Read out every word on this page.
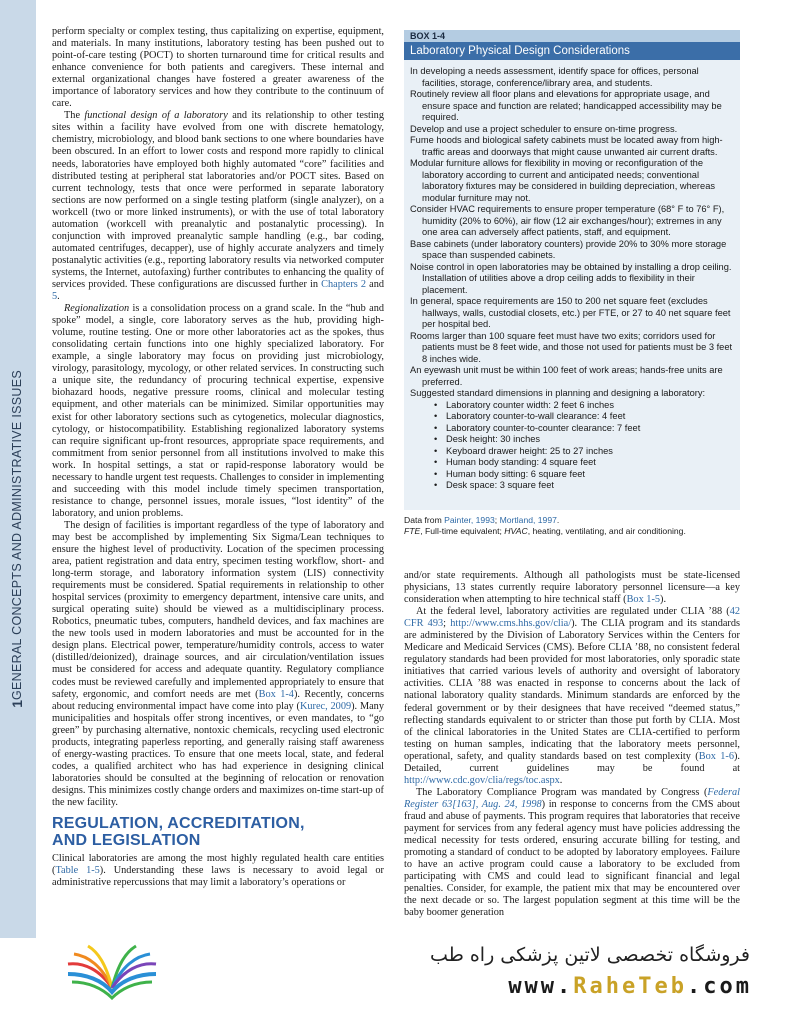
1
GENERAL CONCEPTS AND ADMINISTRATIVE ISSUES

perform specialty or complex testing, thus capitalizing on expertise, equipment, and materials. In many institutions, laboratory testing has been pushed out to point-of-care testing (POCT) to shorten turnaround time for critical results and enhance convenience for both patients and caregivers. These internal and external organizational changes have fostered a greater awareness of the importance of laboratory services and how they contribute to the continuum of care.

The functional design of a laboratory and its relationship to other testing sites within a facility have evolved from one with discrete hematology, chemistry, microbiology, and blood bank sections to one where boundaries have been obscured. In an effort to lower costs and respond more rapidly to clinical needs, laboratories have employed both highly automated “core” facilities and distributed testing at peripheral stat laboratories and/or POCT sites. Based on current technology, tests that once were performed in separate laboratory sections are now performed on a single testing platform (single analyzer), on a workcell (two or more linked instruments), or with the use of total laboratory automation (workcell with preanalytic and postanalytic processing). In conjunction with improved preanalytic sample handling (e.g., bar coding, automated centrifuges, decapper), use of highly accurate analyzers and timely postanalytic activities (e.g., reporting laboratory results via networked computer systems, the Internet, autofaxing) further contributes to enhancing the quality of services provided. These configurations are discussed further in Chapters 2 and 5.

Regionalization is a consolidation process on a grand scale. In the “hub and spoke” model, a single, core laboratory serves as the hub, providing high-volume, routine testing. One or more other laboratories act as the spokes, thus consolidating certain functions into one highly specialized laboratory. For example, a single laboratory may focus on providing just microbiology, virology, parasitology, mycology, or other related services. In constructing such a unique site, the redundancy of procuring technical expertise, expensive biohazard hoods, negative pressure rooms, clinical and molecular testing equipment, and other materials can be minimized. Similar opportunities may exist for other laboratory sections such as cytogenetics, molecular diagnostics, cytology, or histocompatibility. Establishing regionalized laboratory systems can require significant up-front resources, appropriate space requirements, and commitment from senior personnel from all institutions involved to make this work. In hospital settings, a stat or rapid-response laboratory would be necessary to handle urgent test requests. Challenges to consider in implementing and succeeding with this model include timely specimen transportation, resistance to change, personnel issues, morale issues, “lost identity” of the laboratory, and union problems.

The design of facilities is important regardless of the type of laboratory and may best be accomplished by implementing Six Sigma/Lean techniques to ensure the highest level of productivity. Location of the specimen processing area, patient registration and data entry, specimen testing workflow, short- and long-term storage, and laboratory information system (LIS) connectivity requirements must be considered. Spatial requirements in relationship to other hospital services (proximity to emergency department, intensive care units, and surgical operating suite) should be viewed as a multidisciplinary process. Robotics, pneumatic tubes, computers, handheld devices, and fax machines are the new tools used in modern laboratories and must be accounted for in the design plans. Electrical power, temperature/humidity controls, access to water (distilled/deionized), drainage sources, and air circulation/ventilation issues must be considered for access and adequate quantity. Regulatory compliance codes must be reviewed carefully and implemented appropriately to ensure that safety, ergonomic, and comfort needs are met (Box 1-4). Recently, concerns about reducing environmental impact have come into play (Kurec, 2009). Many municipalities and hospitals offer strong incentives, or even mandates, to “go green” by purchasing alternative, nontoxic chemicals, recycling used electronic products, integrating paperless reporting, and generally raising staff awareness of energy-wasting practices. To ensure that one meets local, state, and federal codes, a qualified architect who has had experience in designing clinical laboratories should be consulted at the beginning of relocation or renovation designs. This minimizes costly change orders and maximizes on-time start-up of the new facility.

REGULATION, ACCREDITATION,
AND LEGISLATION

Clinical laboratories are among the most highly regulated health care entities (Table 1-5). Understanding these laws is necessary to avoid legal or administrative repercussions that may limit a laboratory’s operations or

BOX 1-4
Laboratory Physical Design Considerations
In developing a needs assessment, identify space for offices, personal facilities, storage, conference/library area, and students.
Routinely review all floor plans and elevations for appropriate usage, and ensure space and function are related; handicapped accessibility may be required.
Develop and use a project scheduler to ensure on-time progress.
Fume hoods and biological safety cabinets must be located away from high-traffic areas and doorways that might cause unwanted air current drafts.
Modular furniture allows for flexibility in moving or reconfiguration of the laboratory according to current and anticipated needs; conventional laboratory fixtures may be considered in building depreciation, whereas modular furniture may not.
Consider HVAC requirements to ensure proper temperature (68° F to 76° F), humidity (20% to 60%), air flow (12 air exchanges/hour); extremes in any one area can adversely affect patients, staff, and equipment.
Base cabinets (under laboratory counters) provide 20% to 30% more storage space than suspended cabinets.
Noise control in open laboratories may be obtained by installing a drop ceiling. Installation of utilities above a drop ceiling adds to flexibility in their placement.
In general, space requirements are 150 to 200 net square feet (excludes hallways, walls, custodial closets, etc.) per FTE, or 27 to 40 net square feet per hospital bed.
Rooms larger than 100 square feet must have two exits; corridors used for patients must be 8 feet wide, and those not used for patients must be 3 feet 8 inches wide.
An eyewash unit must be within 100 feet of work areas; hands-free units are preferred.
Suggested standard dimensions in planning and designing a laboratory:
• Laboratory counter width: 2 feet 6 inches
• Laboratory counter-to-wall clearance: 4 feet
• Laboratory counter-to-counter clearance: 7 feet
• Desk height: 30 inches
• Keyboard drawer height: 25 to 27 inches
• Human body standing: 4 square feet
• Human body sitting: 6 square feet
• Desk space: 3 square feet
Data from Painter, 1993; Mortland, 1997.
FTE, Full-time equivalent; HVAC, heating, ventilating, and air conditioning.

and/or state requirements. Although all pathologists must be state-licensed physicians, 13 states currently require laboratory personnel licensure—a key consideration when attempting to hire technical staff (Box 1-5).

At the federal level, laboratory activities are regulated under CLIA ’88 (42 CFR 493; http://www.cms.hhs.gov/clia/). The CLIA program and its standards are administered by the Division of Laboratory Services within the Centers for Medicare and Medicaid Services (CMS). Before CLIA ’88, no consistent federal regulatory standards had been provided for most laboratories, only sporadic state initiatives that carried various levels of authority and oversight of laboratory activities. CLIA ’88 was enacted in response to concerns about the lack of national laboratory quality standards. Minimum standards are enforced by the federal government or by their designees that have received “deemed status,” reflecting standards equivalent to or stricter than those put forth by CLIA. Most of the clinical laboratories in the United States are CLIA-certified to perform testing on human samples, indicating that the laboratory meets personnel, operational, safety, and quality standards based on test complexity (Box 1-6). Detailed, current guidelines may be found at http://www.cdc.gov/clia/regs/toc.aspx.

The Laboratory Compliance Program was mandated by Congress (Federal Register 63[163], Aug. 24, 1998) in response to concerns from the CMS about fraud and abuse of payments. This program requires that laboratories that receive payment for services from any federal agency must have policies addressing the medical necessity for tests ordered, ensuring accurate billing for testing, and promoting a standard of conduct to be adopted by laboratory employees. Failure to have an active program could cause a laboratory to be excluded from participating with CMS and could lead to significant financial and legal penalties. Consider, for example, the patient mix that may be encountered over the next decade or so. The largest population segment at this time will be the baby boomer generation

فروشگاه تخصصی لاتین پزشکی راه طب
www.RaheTeb.com
